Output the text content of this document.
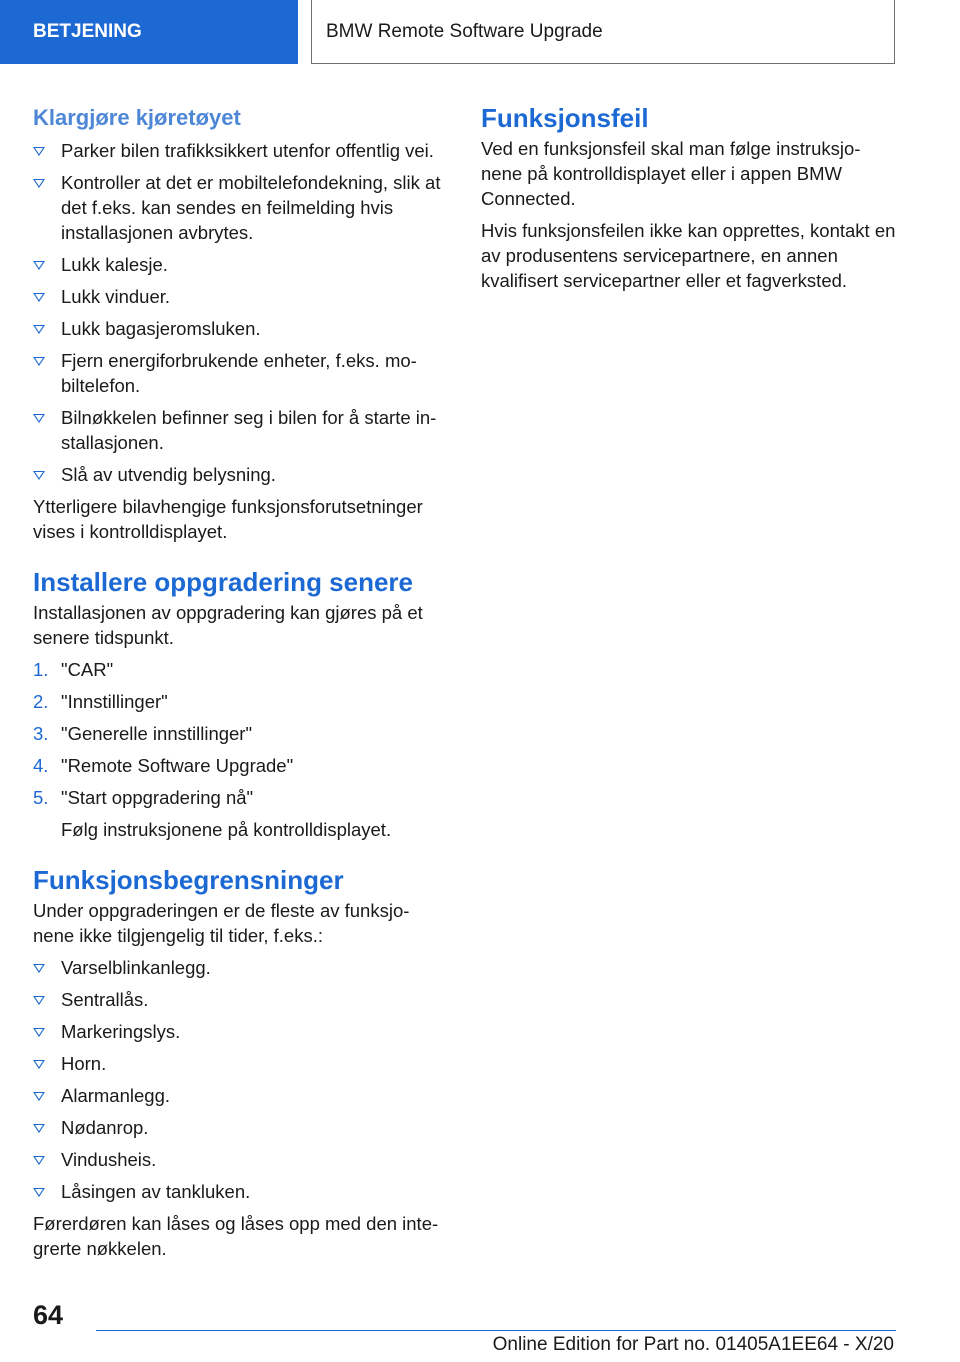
BETJENING	BMW Remote Software Upgrade
Klargjøre kjøretøyet
Parker bilen trafikksikkert utenfor offentlig vei.
Kontroller at det er mobiltelefondekning, slik at det f.eks. kan sendes en feilmelding hvis installasjonen avbrytes.
Lukk kalesje.
Lukk vinduer.
Lukk bagasjeromsluken.
Fjern energiforbrukende enheter, f.eks. mo-biltelefon.
Bilnøkkelen befinner seg i bilen for å starte in-stallasjonen.
Slå av utvendig belysning.

Ytterligere bilavhengige funksjonsforutsetninger vises i kontrolldisplayet.

Installere oppgradering senere

Installasjonen av oppgradering kan gjøres på et senere tidspunkt.

1. "CAR"
2. "Innstillinger"
3. "Generelle innstillinger"
4. "Remote Software Upgrade"
5. "Start oppgradering nå"
Følg instruksjonene på kontrolldisplayet.
Funksjonsbegrensninger

Under oppgraderingen er de fleste av funksjo-nene ikke tilgjengelig til tider, f.eks.:

Varselblinkanlegg.
Sentrallås.
Markeringslys.
Horn.
Alarmanlegg.
Nødanrop.
Vindusheis.
Låsingen av tankluken.

Førerdøren kan låses og låses opp med den inte-grerte nøkkelen.

Funksjonsfeil

Ved en funksjonsfeil skal man følge instruksjo-nene på kontrolldisplayet eller i appen BMW Connected.

Hvis funksjonsfeilen ikke kan opprettes, kontakt en av produsentens servicepartnere, en annen kvalifisert servicepartner eller et fagverksted.

64
Online Edition for Part no. 01405A1EE64 - X/20
